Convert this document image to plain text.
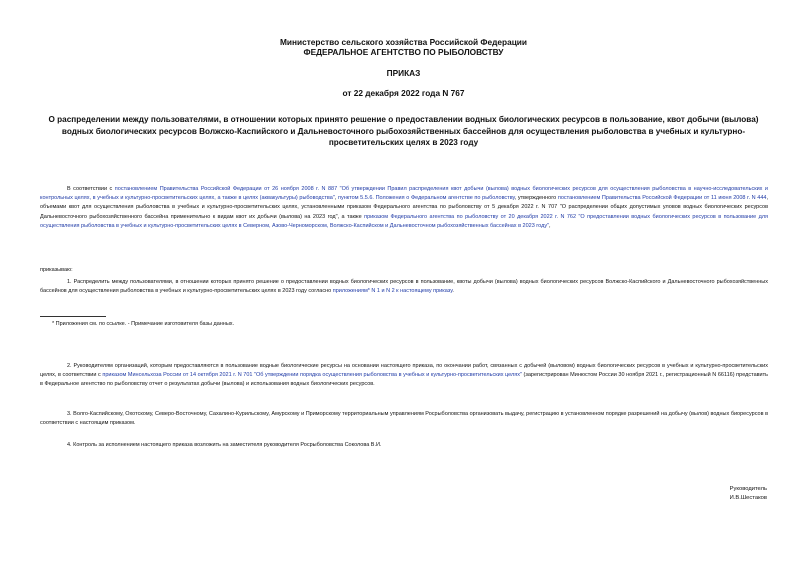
Министерство сельского хозяйства Российской Федерации
ФЕДЕРАЛЬНОЕ АГЕНТСТВО ПО РЫБОЛОВСТВУ
ПРИКАЗ
от 22 декабря 2022 года N 767
О распределении между пользователями, в отношении которых принято решение о предоставлении водных биологических ресурсов в пользование, квот добычи (вылова) водных биологических ресурсов Волжско-Каспийского и Дальневосточного рыбохозяйственных бассейнов для осуществления рыболовства в учебных и культурно-просветительских целях в 2023 году
В соответствии с постановлением Правительства Российской Федерации от 26 ноября 2008 г. N 887 "Об утверждении Правил распределения квот добычи (вылова) водных биологических ресурсов для осуществления рыболовства в научно-исследовательских и контрольных целях, в учебных и культурно-просветительских целях, а также в целях (аквакультуры) рыбоводства", пунктом 5.5.6. Положения о Федеральном агентстве по рыболовству, утвержденного постановлением Правительства Российской Федерации от 11 июня 2008 г. N 444, объемами квот для осуществления рыболовства в учебных и культурно-просветительских целях, установленными приказом Федерального агентства по рыболовству от 5 декабря 2022 г. N 707 "О распределении общих допустимых уловов водных биологических ресурсов Дальневосточного рыбохозяйственного бассейна применительно к видам квот их добычи (вылова) на 2023 год", а также приказом Федерального агентства по рыболовству от 20 декабря 2022 г. N 762 "О предоставлении водных биологических ресурсов в пользование для осуществления рыболовства в учебных и культурно-просветительских целях в Северном, Азово-Черноморском, Волжско-Каспийском и Дальневосточном рыбохозяйственных бассейнах в 2023 году",
приказываю:
1. Распределить между пользователями, в отношении которых принято решение о предоставлении водных биологических ресурсов в пользование, квоты добычи (вылова) водных биологических ресурсов Волжско-Каспийского и Дальневосточного рыбохозяйственных бассейнов для осуществления рыболовства в учебных и культурно-просветительских целях в 2023 году согласно приложениям* N 1 и N 2 к настоящему приказу.
* Приложения см. по ссылке. - Примечание изготовителя базы данных.
2. Руководителям организаций, которым предоставляются в пользование водные биологические ресурсы на основании настоящего приказа, по окончании работ, связанных с добычей (выловом) водных биологических ресурсов в учебных и культурно-просветительских целях, в соответствии с приказом Минсельхоза России от 14 октября 2021 г. N 701 "Об утверждении порядка осуществления рыболовства в учебных и культурно-просветительских целях" (зарегистрирован Минюстом России 30 ноября 2021 г., регистрационный N 66116) представить в Федеральное агентство по рыболовству отчет о результатах добычи (вылова) и использования водных биологических ресурсов.
3. Волго-Каспийскому, Охотскому, Северо-Восточному, Сахалино-Курильскому, Амурскому и Приморскому территориальным управлениям Росрыболовства организовать выдачу, регистрацию в установленном порядке разрешений на добычу (вылов) водных биоресурсов в соответствии с настоящим приказом.
4. Контроль за исполнением настоящего приказа возложить на заместителя руководителя Росрыболовства Соколова В.И.
Руководитель
И.В.Шестаков
